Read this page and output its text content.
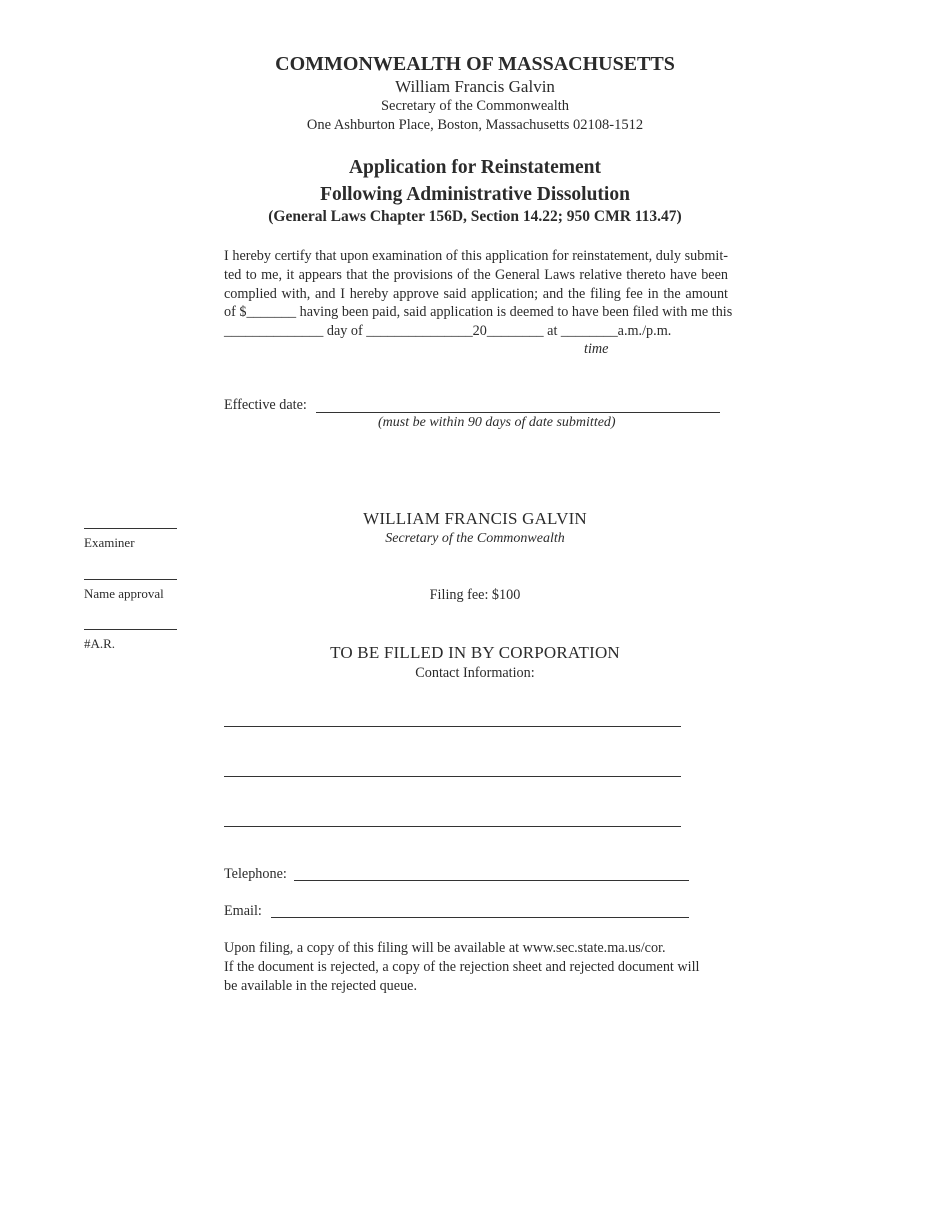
COMMONWEALTH OF MASSACHUSETTS
William Francis Galvin
Secretary of the Commonwealth
One Ashburton Place, Boston, Massachusetts 02108-1512
Application for Reinstatement
Following Administrative Dissolution
(General Laws Chapter 156D, Section 14.22; 950 CMR 113.47)
I hereby certify that upon examination of this application for reinstatement, duly submit-
ted to me, it appears that the provisions of the General Laws relative thereto have been
complied with, and I hereby approve said application; and the filing fee in the amount
of $_______ having been paid, said application is deemed to have been filed with me this
______________ day of _______________20________ at ________a.m./p.m.
time
Effective date:
(must be within 90 days of date submitted)
Examiner
Name approval
#A.R.
WILLIAM FRANCIS GALVIN
Secretary of the Commonwealth
Filing fee: $100
TO BE FILLED IN BY CORPORATION
Contact Information:
Telephone:
Email:
Upon filing, a copy of this filing will be available at www.sec.state.ma.us/cor.
If the document is rejected, a copy of the rejection sheet and rejected document will
be available in the rejected queue.
